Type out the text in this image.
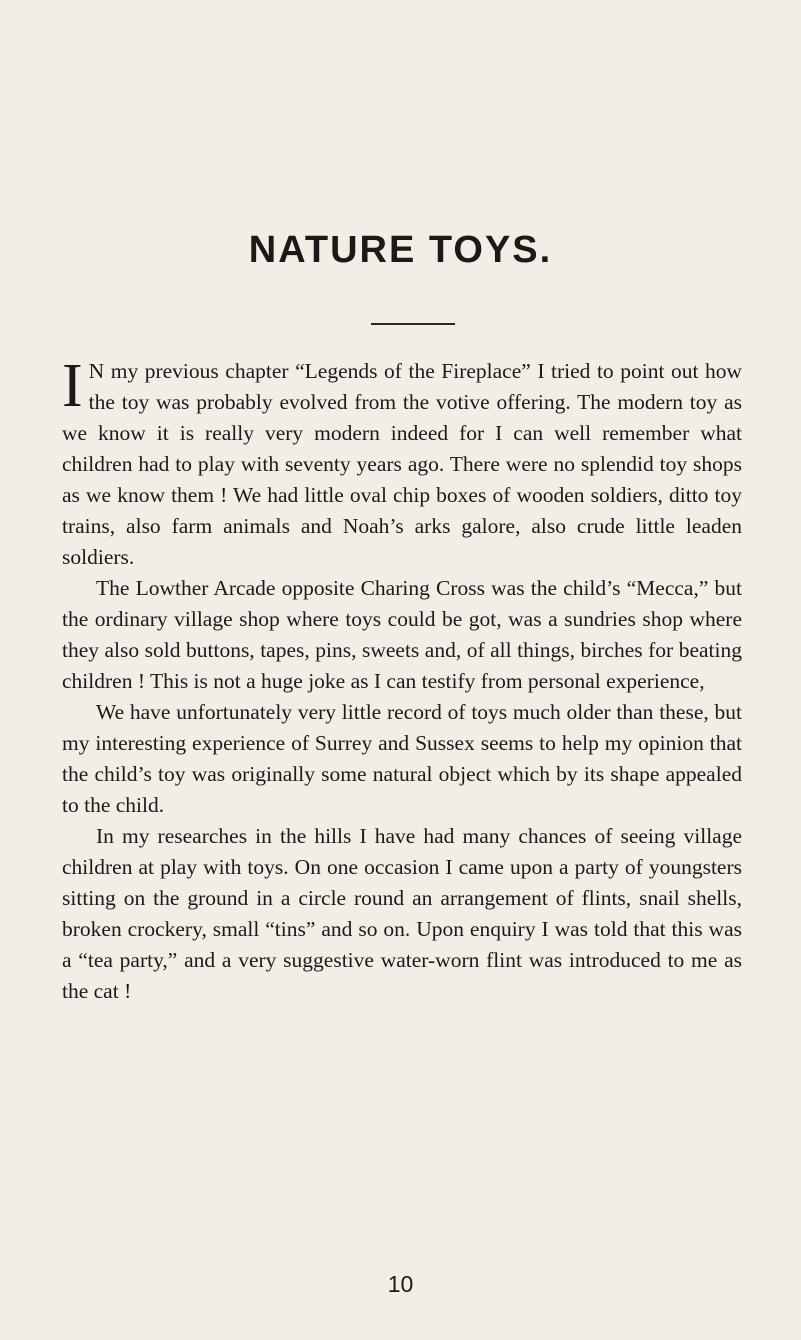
NATURE TOYS.

I N my previous chapter “Legends of the Fireplace” I tried to point out how the toy was probably evolved from the votive offering. The modern toy as we know it is really very modern indeed for I can well remember what children had to play with seventy years ago. There were no splendid toy shops as we know them ! We had little oval chip boxes of wooden soldiers, ditto toy trains, also farm animals and Noah’s arks galore, also crude little leaden soldiers.

The Lowther Arcade opposite Charing Cross was the child’s “Mecca,” but the ordinary village shop where toys could be got, was a sundries shop where they also sold buttons, tapes, pins, sweets and, of all things, birches for beating children ! This is not a huge joke as I can testify from personal experience,

We have unfortunately very little record of toys much older than these, but my interesting experience of Surrey and Sussex seems to help my opinion that the child’s toy was originally some natural object which by its shape appealed to the child.

In my researches in the hills I have had many chances of seeing village children at play with toys. On one occasion I came upon a party of youngsters sitting on the ground in a circle round an arrangement of flints, snail shells, broken crockery, small “tins” and so on. Upon enquiry I was told that this was a “tea party,” and a very suggestive water-worn flint was introduced to me as the cat !

10
